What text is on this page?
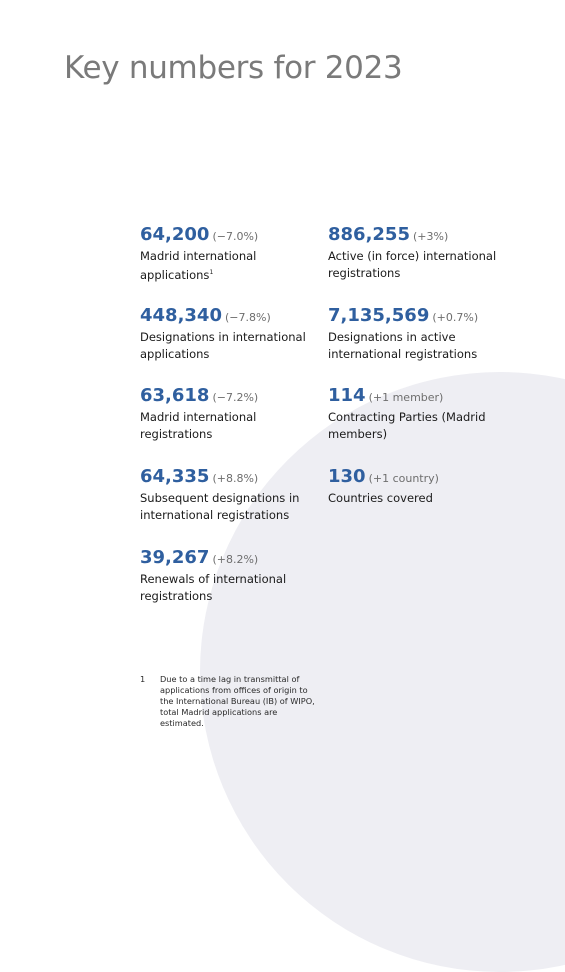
Key numbers for 2023
64,200 (−7.0%)
Madrid international applications$^1$
448,340 (−7.8%)
Designations in international applications
63,618 (−7.2%)
Madrid international registrations
64,335 (+8.8%)
Subsequent designations in international registrations
39,267 (+8.2%)
Renewals of international registrations
886,255 (+3%)
Active (in force) international registrations
7,135,569 (+0.7%)
Designations in active international registrations
114 (+1 member)
Contracting Parties (Madrid members)
130 (+1 country)
Countries covered
1 Due to a time lag in transmittal of applications from offices of origin to the International Bureau (IB) of WIPO, total Madrid applications are estimated.
